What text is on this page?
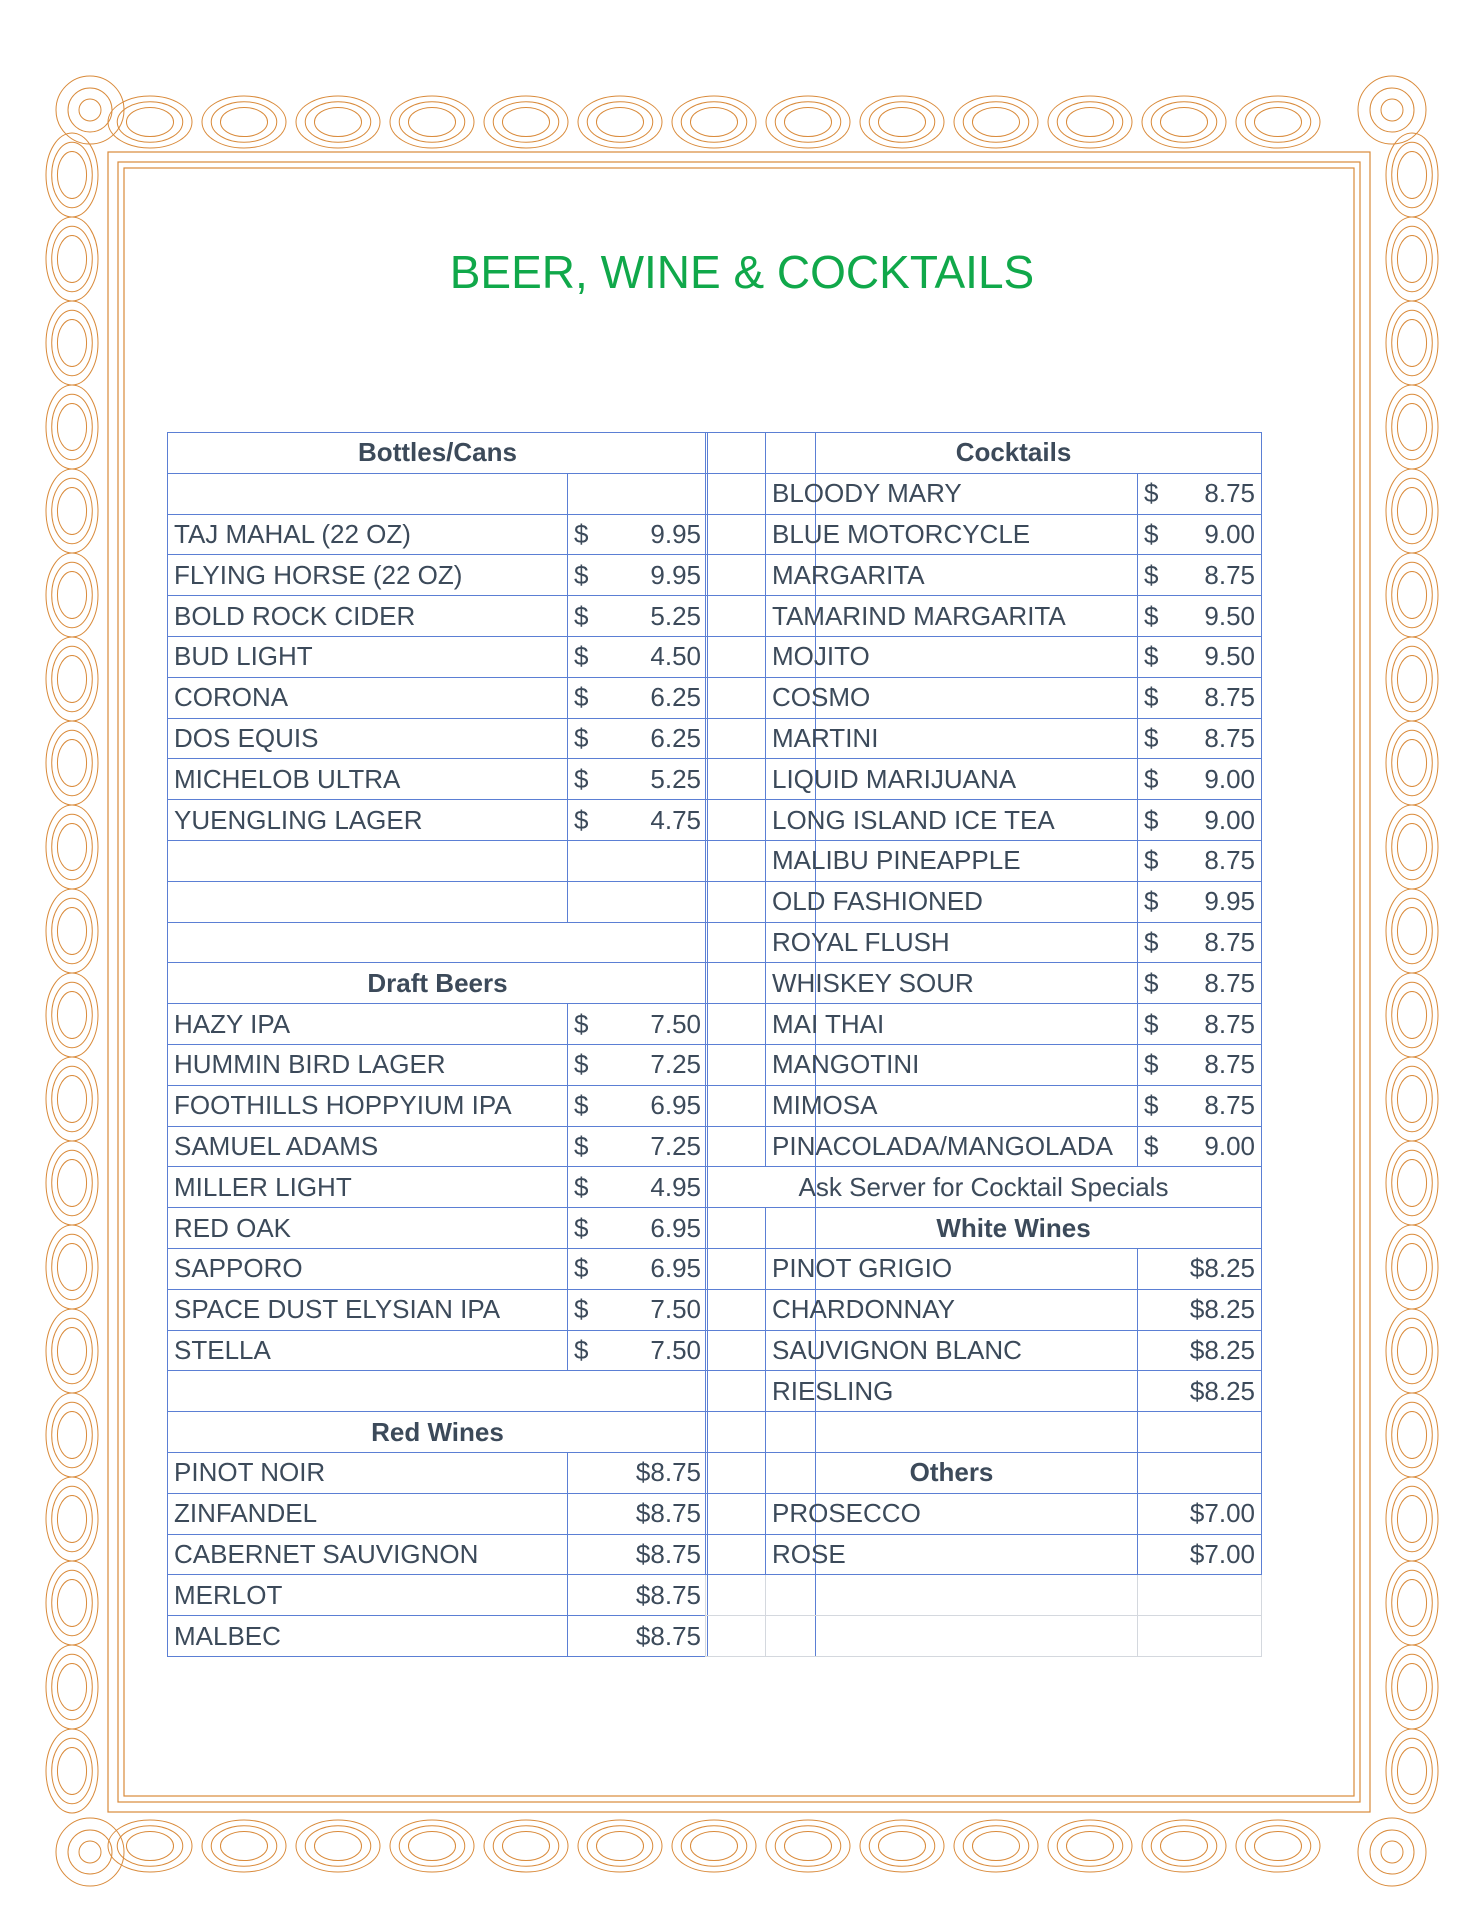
BEER, WINE & COCKTAILS
Bottles/Cans		

TAJ MAHAL (22 OZ)	$ 9.95	

FLYING HORSE (22 OZ)	$ 9.95	

BOLD ROCK CIDER	$ 5.25	

BUD LIGHT	$ 4.50	

CORONA	$ 6.25	

DOS EQUIS	$ 6.25	

MICHELOB ULTRA	$ 5.25	

YUENGLING LAGER	$ 4.75	

Draft Beers		
HAZY IPA	$ 7.50	

HUMMIN BIRD LAGER	$ 7.25	

FOOTHILLS HOPPYIUM IPA	$ 6.95	

SAMUEL ADAMS	$ 7.25	

MILLER LIGHT	$ 4.95	

RED OAK	$ 6.95	

SAPPORO	$ 6.95	

SPACE DUST ELYSIAN IPA	$ 7.50	

STELLA	$ 7.50	

Red Wines		
PINOT NOIR	$8.75	
ZINFANDEL	$8.75	
CABERNET SAUVIGNON	$8.75	
MERLOT	$8.75	
MALBEC	$8.75	
	Cocktails	
	BLOODY MARY	$ 8.75

	BLUE MOTORCYCLE	$ 9.00

	MARGARITA	$ 8.75

	TAMARIND MARGARITA	$ 9.50

	MOJITO	$ 9.50

	COSMO	$ 8.75

	MARTINI	$ 8.75

	LIQUID MARIJUANA	$ 9.00

	LONG ISLAND ICE TEA	$ 9.00

	MALIBU PINEAPPLE	$ 8.75

	OLD FASHIONED	$ 9.95

	ROYAL FLUSH	$ 8.75

	WHISKEY SOUR	$ 8.75

	MAI THAI	$ 8.75

	MANGOTINI	$ 8.75

	MIMOSA	$ 8.75

	PINACOLADA/MANGOLADA	$ 9.00

Ask Server for Cocktail Specials		
	White Wines	
	PINOT GRIGIO	$8.25
	CHARDONNAY	$8.25
	SAUVIGNON BLANC	$8.25
	RIESLING	$8.25

	Others	
	PROSECCO	$7.00
	ROSE	$7.00
